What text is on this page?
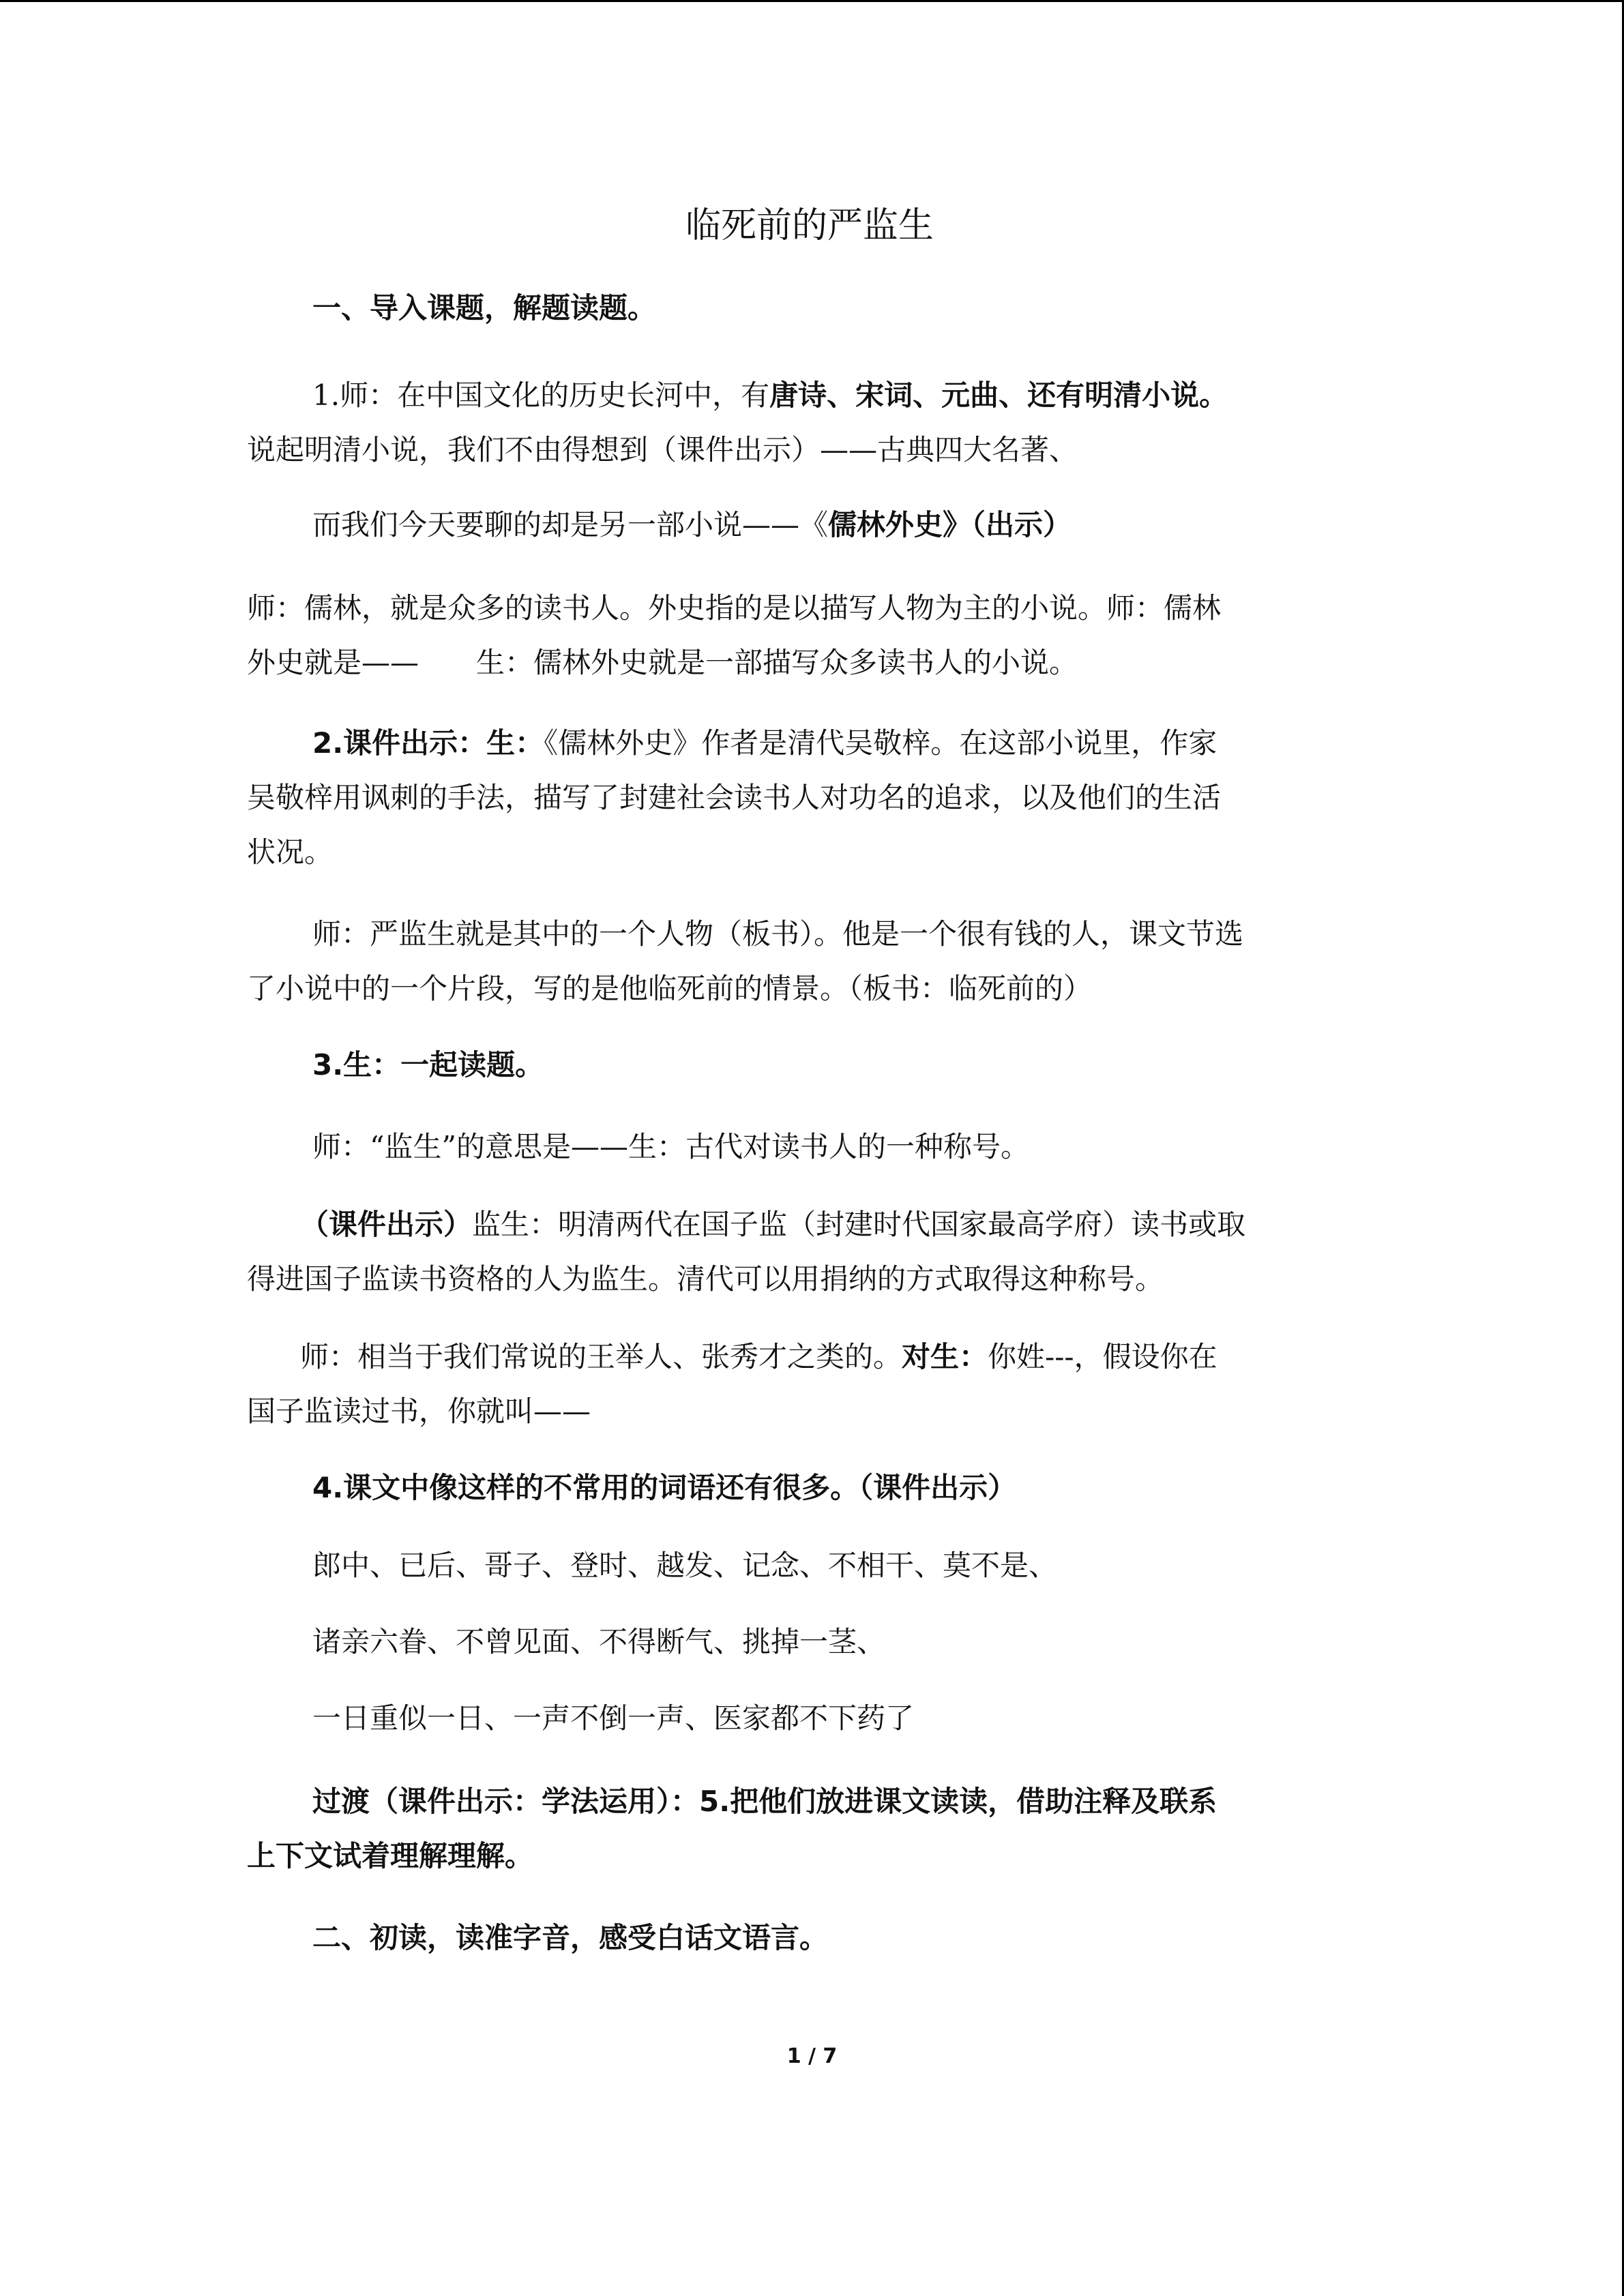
临死前的严监生
一、导入课题，解题读题。
1.师：在中国文化的历史长河中，有唐诗、宋词、元曲、还有明清小说。
说起明清小说，我们不由得想到（课件出示）——古典四大名著、
而我们今天要聊的却是另一部小说——《儒林外史》（出示）
师：儒林，就是众多的读书人。外史指的是以描写人物为主的小说。师：儒林
外史就是——　　生：儒林外史就是一部描写众多读书人的小说。
2.课件出示：生：《儒林外史》作者是清代吴敬梓。在这部小说里，作家
吴敬梓用讽刺的手法，描写了封建社会读书人对功名的追求，以及他们的生活
状况。
师：严监生就是其中的一个人物（板书）。他是一个很有钱的人，课文节选
了小说中的一个片段，写的是他临死前的情景。（板书：临死前的）
3.生：一起读题。
师：“监生”的意思是——生：古代对读书人的一种称号。
（课件出示）监生：明清两代在国子监（封建时代国家最高学府）读书或取
得进国子监读书资格的人为监生。清代可以用捐纳的方式取得这种称号。
师：相当于我们常说的王举人、张秀才之类的。对生：你姓---，假设你在
国子监读过书，你就叫——
4.课文中像这样的不常用的词语还有很多。（课件出示）
郎中、已后、哥子、登时、越发、记念、不相干、莫不是、
诸亲六眷、不曾见面、不得断气、挑掉一茎、
一日重似一日、一声不倒一声、医家都不下药了
过渡（课件出示：学法运用）：5.把他们放进课文读读，借助注释及联系
上下文试着理解理解。
二、初读，读准字音，感受白话文语言。
1 / 7
